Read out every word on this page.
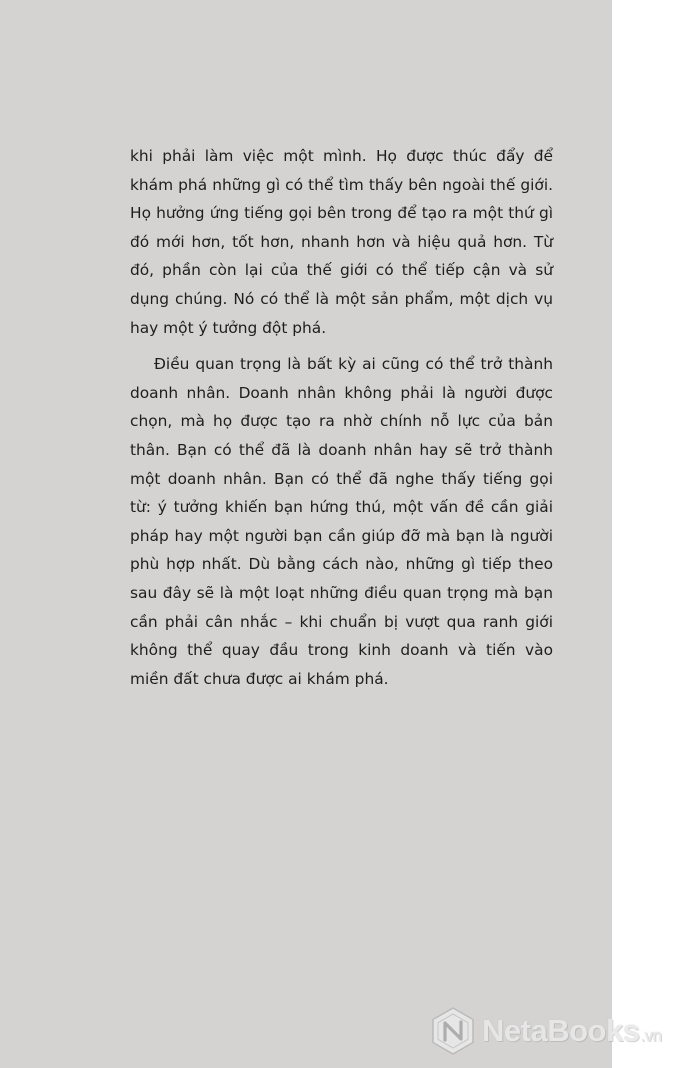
khi phải làm việc một mình. Họ được thúc đẩy để khám phá những gì có thể tìm thấy bên ngoài thế giới. Họ hưởng ứng tiếng gọi bên trong để tạo ra một thứ gì đó mới hơn, tốt hơn, nhanh hơn và hiệu quả hơn. Từ đó, phần còn lại của thế giới có thể tiếp cận và sử dụng chúng. Nó có thể là một sản phẩm, một dịch vụ hay một ý tưởng đột phá.

Điều quan trọng là bất kỳ ai cũng có thể trở thành doanh nhân. Doanh nhân không phải là người được chọn, mà họ được tạo ra nhờ chính nỗ lực của bản thân. Bạn có thể đã là doanh nhân hay sẽ trở thành một doanh nhân. Bạn có thể đã nghe thấy tiếng gọi từ: ý tưởng khiến bạn hứng thú, một vấn đề cần giải pháp hay một người bạn cần giúp đỡ mà bạn là người phù hợp nhất. Dù bằng cách nào, những gì tiếp theo sau đây sẽ là một loạt những điều quan trọng mà bạn cần phải cân nhắc – khi chuẩn bị vượt qua ranh giới không thể quay đầu trong kinh doanh và tiến vào miền đất chưa được ai khám phá.

NetaBooks.vn
